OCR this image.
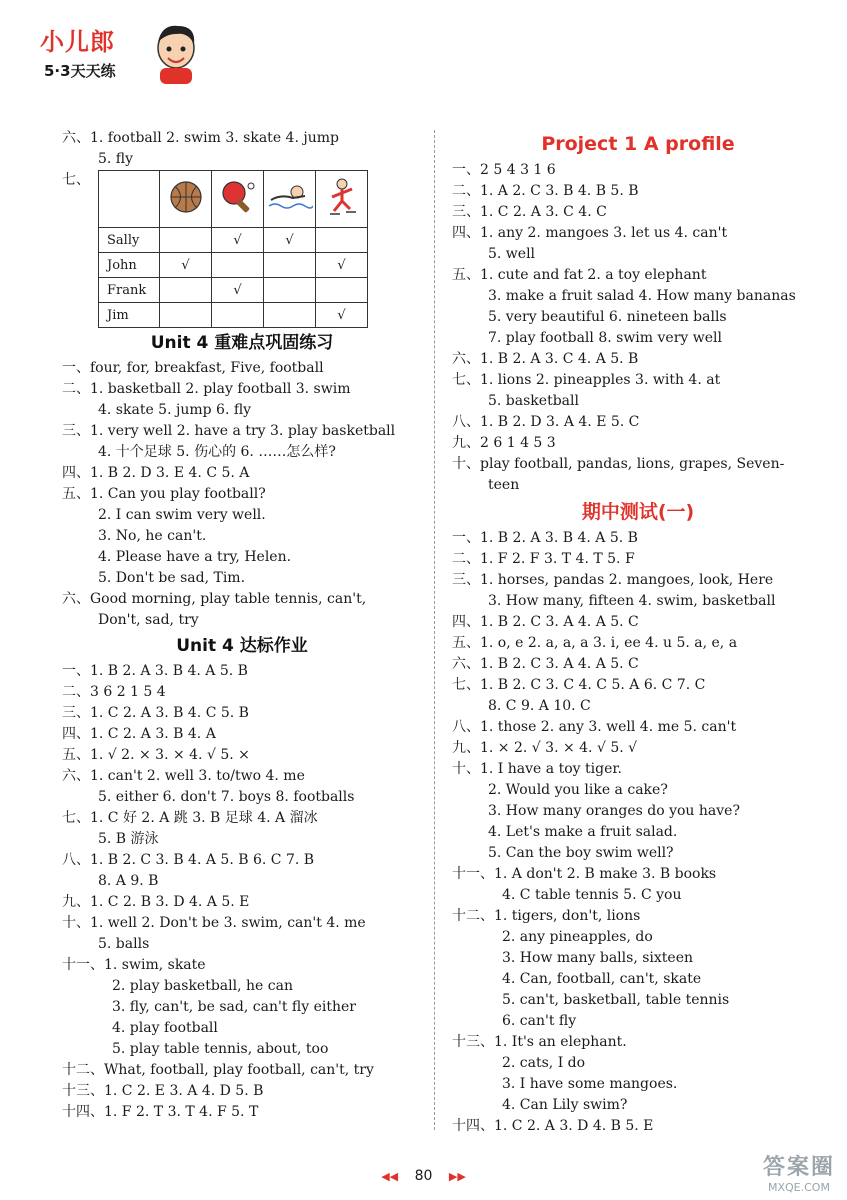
小儿郎
5·3天天练
六、1. football 2. swim 3. skate 4. jump
5. fly
七、

Sally		√	√	
John	√			√
Frank		√		
Jim				√
Unit 4 重难点巩固练习
一、four, for, breakfast, Five, football
二、1. basketball 2. play football 3. swim
4. skate 5. jump 6. fly
三、1. very well 2. have a try 3. play basketball
4. 十个足球 5. 伤心的 6. ……怎么样?
四、1. B 2. D 3. E 4. C 5. A
五、1. Can you play football?
2. I can swim very well.
3. No, he can't.
4. Please have a try, Helen.
5. Don't be sad, Tim.
六、Good morning, play table tennis, can't,
Don't, sad, try
Unit 4 达标作业
一、1. B 2. A 3. B 4. A 5. B
二、3 6 2 1 5 4
三、1. C 2. A 3. B 4. C 5. B
四、1. C 2. A 3. B 4. A
五、1. √ 2. × 3. × 4. √ 5. ×
六、1. can't 2. well 3. to/two 4. me
5. either 6. don't 7. boys 8. footballs
七、1. C 好 2. A 跳 3. B 足球 4. A 溜冰
5. B 游泳
八、1. B 2. C 3. B 4. A 5. B 6. C 7. B
8. A 9. B
九、1. C 2. B 3. D 4. A 5. E
十、1. well 2. Don't be 3. swim, can't 4. me
5. balls
十一、1. swim, skate
2. play basketball, he can
3. fly, can't, be sad, can't fly either
4. play football
5. play table tennis, about, too
十二、What, football, play football, can't, try
十三、1. C 2. E 3. A 4. D 5. B
十四、1. F 2. T 3. T 4. F 5. T
Project 1 A profile
一、2 5 4 3 1 6
二、1. A 2. C 3. B 4. B 5. B
三、1. C 2. A 3. C 4. C
四、1. any 2. mangoes 3. let us 4. can't
5. well
五、1. cute and fat 2. a toy elephant
3. make a fruit salad 4. How many bananas
5. very beautiful 6. nineteen balls
7. play football 8. swim very well
六、1. B 2. A 3. C 4. A 5. B
七、1. lions 2. pineapples 3. with 4. at
5. basketball
八、1. B 2. D 3. A 4. E 5. C
九、2 6 1 4 5 3
十、play football, pandas, lions, grapes, Seven-
teen
期中测试(一)
一、1. B 2. A 3. B 4. A 5. B
二、1. F 2. F 3. T 4. T 5. F
三、1. horses, pandas 2. mangoes, look, Here
3. How many, fifteen 4. swim, basketball
四、1. B 2. C 3. A 4. A 5. C
五、1. o, e 2. a, a, a 3. i, ee 4. u 5. a, e, a
六、1. B 2. C 3. A 4. A 5. C
七、1. B 2. C 3. C 4. C 5. A 6. C 7. C
8. C 9. A 10. C
八、1. those 2. any 3. well 4. me 5. can't
九、1. × 2. √ 3. × 4. √ 5. √
十、1. I have a toy tiger.
2. Would you like a cake?
3. How many oranges do you have?
4. Let's make a fruit salad.
5. Can the boy swim well?
十一、1. A don't 2. B make 3. B books
4. C table tennis 5. C you
十二、1. tigers, don't, lions
2. any pineapples, do
3. How many balls, sixteen
4. Can, football, can't, skate
5. can't, basketball, table tennis
6. can't fly
十三、1. It's an elephant.
2. cats, I do
3. I have some mangoes.
4. Can Lily swim?
十四、1. C 2. A 3. D 4. B 5. E
◀◀ 80 ▶▶	答案圈
MXQE.COM
